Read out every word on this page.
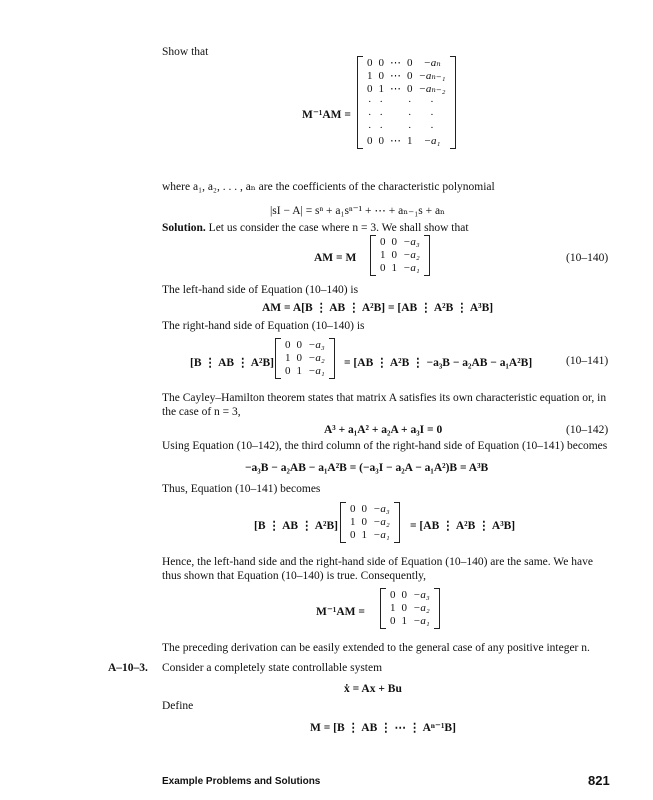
Show that
M⁻¹AM =
0	0	⋯	0	−aₙ
1	0	⋯	0	−aₙ₋₁
0	1	⋯	0	−aₙ₋₂
·	·		·	·
·	·		·	·
·	·		·	·
0	0	⋯	1	−a₁
where a₁, a₂, . . . , aₙ are the coefficients of the characteristic polynomial
|sI − A| = sⁿ + a₁sⁿ⁻¹ + ⋯ + aₙ₋₁s + aₙ
Solution. Let us consider the case where n = 3. We shall show that
AM = M
0	0	−a₃
1	0	−a₂
0	1	−a₁
(10–140)
The left-hand side of Equation (10–140) is
AM = A[B ⋮ AB ⋮ A²B] = [AB ⋮ A²B ⋮ A³B]
The right-hand side of Equation (10–140) is
[B ⋮ AB ⋮ A²B]
0	0	−a₃
1	0	−a₂
0	1	−a₁
= [AB ⋮ A²B ⋮ −a₃B − a₂AB − a₁A²B]	(10–141)
The Cayley–Hamilton theorem states that matrix A satisfies its own characteristic equation or, in
the case of n = 3,
A³ + a₁A² + a₂A + a₃I = 0	(10–142)
Using Equation (10–142), the third column of the right-hand side of Equation (10–141) becomes
−a₃B − a₂AB − a₁A²B = (−a₃I − a₂A − a₁A²)B = A³B
Thus, Equation (10–141) becomes
[B ⋮ AB ⋮ A²B]
0	0	−a₃
1	0	−a₂
0	1	−a₁
= [AB ⋮ A²B ⋮ A³B]
Hence, the left-hand side and the right-hand side of Equation (10–140) are the same. We have
thus shown that Equation (10–140) is true. Consequently,
M⁻¹AM =
0	0	−a₃
1	0	−a₂
0	1	−a₁
The preceding derivation can be easily extended to the general case of any positive integer n.
A–10–3. Consider a completely state controllable system
ẋ = Ax + Bu
Define
M = [B ⋮ AB ⋮ ⋯ ⋮ Aⁿ⁻¹B]
Example Problems and Solutions	821
